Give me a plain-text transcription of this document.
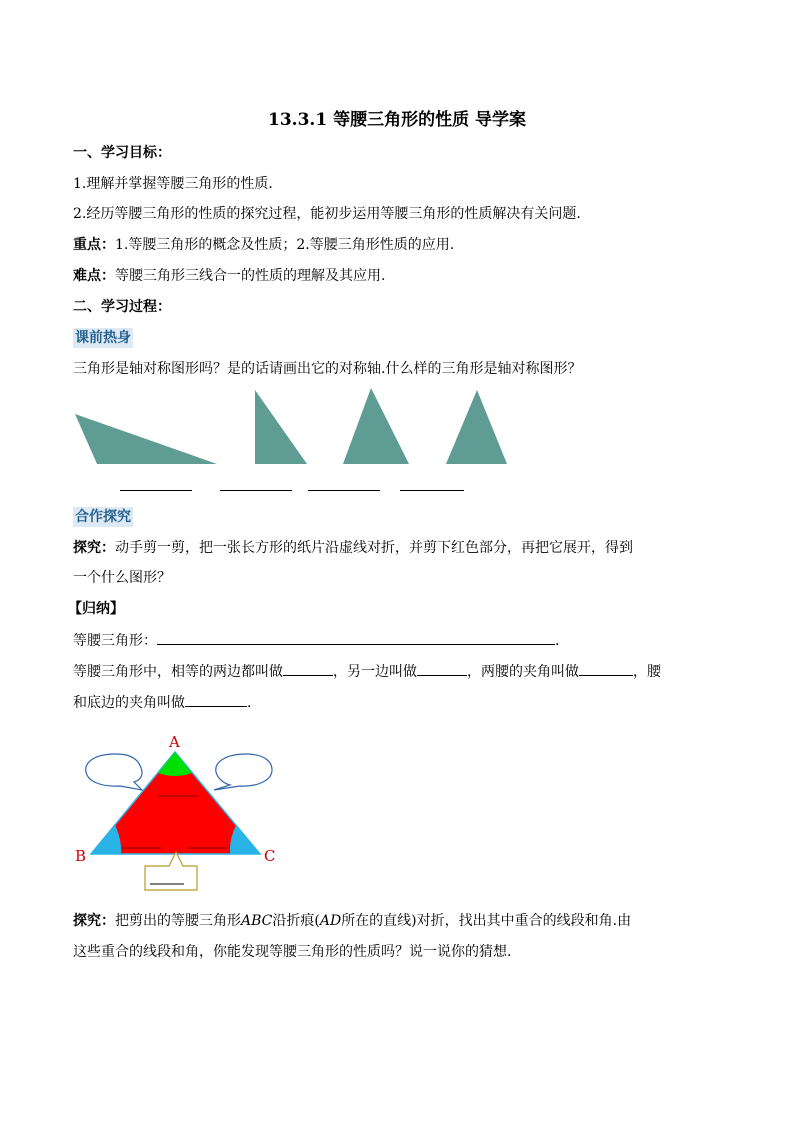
13.3.1 等腰三角形的性质 导学案
一、学习目标：
1.理解并掌握等腰三角形的性质.
2.经历等腰三角形的性质的探究过程，能初步运用等腰三角形的性质解决有关问题.
重点：1.等腰三角形的概念及性质；2.等腰三角形性质的应用.
难点：等腰三角形三线合一的性质的理解及其应用.
二、学习过程：
课前热身
三角形是轴对称图形吗？是的话请画出它的对称轴.什么样的三角形是轴对称图形？
A
B	C
合作探究
探究：动手剪一剪，把一张长方形的纸片沿虚线对折，并剪下红色部分，再把它展开，得到
一个什么图形？
【归纳】
等腰三角形：	.
等腰三角形中，相等的两边都叫做	，另一边叫做	，两腰的夹角叫做	，腰
和底边的夹角叫做	.
探究：把剪出的等腰三角形ABC沿折痕(AD所在的直线)对折，找出其中重合的线段和角.由
这些重合的线段和角，你能发现等腰三角形的性质吗？说一说你的猜想.
